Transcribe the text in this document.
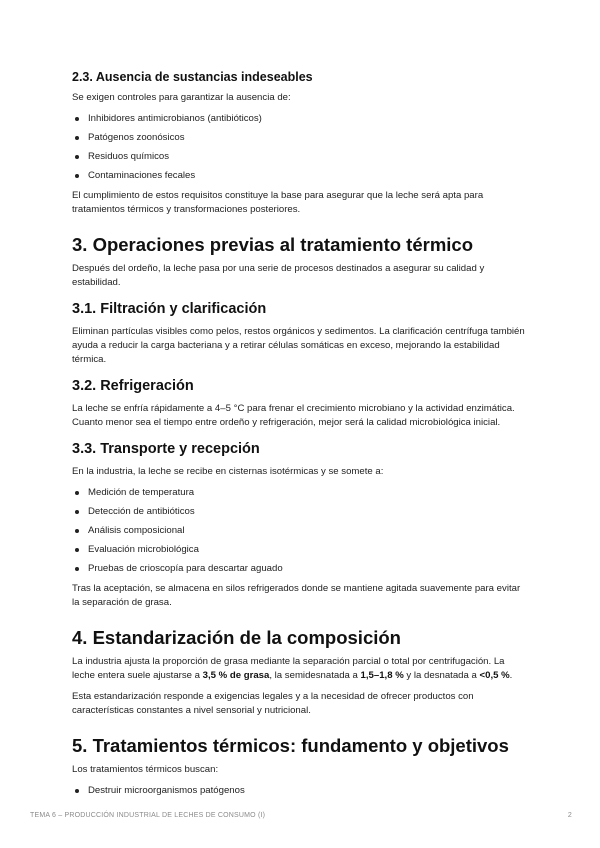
2.3. Ausencia de sustancias indeseables

Se exigen controles para garantizar la ausencia de:

Inhibidores antimicrobianos (antibióticos)
Patógenos zoonósicos
Residuos químicos
Contaminaciones fecales

El cumplimiento de estos requisitos constituye la base para asegurar que la leche será apta para tratamientos térmicos y transformaciones posteriores.

3. Operaciones previas al tratamiento térmico

Después del ordeño, la leche pasa por una serie de procesos destinados a asegurar su calidad y estabilidad.

3.1. Filtración y clarificación

Eliminan partículas visibles como pelos, restos orgánicos y sedimentos. La clarificación centrífuga también ayuda a reducir la carga bacteriana y a retirar células somáticas en exceso, mejorando la estabilidad térmica.

3.2. Refrigeración

La leche se enfría rápidamente a 4–5 °C para frenar el crecimiento microbiano y la actividad enzimática. Cuanto menor sea el tiempo entre ordeño y refrigeración, mejor será la calidad microbiológica inicial.

3.3. Transporte y recepción

En la industria, la leche se recibe en cisternas isotérmicas y se somete a:

Medición de temperatura
Detección de antibióticos
Análisis composicional
Evaluación microbiológica
Pruebas de crioscopía para descartar aguado

Tras la aceptación, se almacena en silos refrigerados donde se mantiene agitada suavemente para evitar la separación de grasa.

4. Estandarización de la composición

La industria ajusta la proporción de grasa mediante la separación parcial o total por centrifugación. La leche entera suele ajustarse a 3,5 % de grasa, la semidesnatada a 1,5–1,8 % y la desnatada a <0,5 %.

Esta estandarización responde a exigencias legales y a la necesidad de ofrecer productos con características constantes a nivel sensorial y nutricional.

5. Tratamientos térmicos: fundamento y objetivos

Los tratamientos térmicos buscan:

Destruir microorganismos patógenos
TEMA 6 – PRODUCCIÓN INDUSTRIAL DE LECHES DE CONSUMO (I)	2
